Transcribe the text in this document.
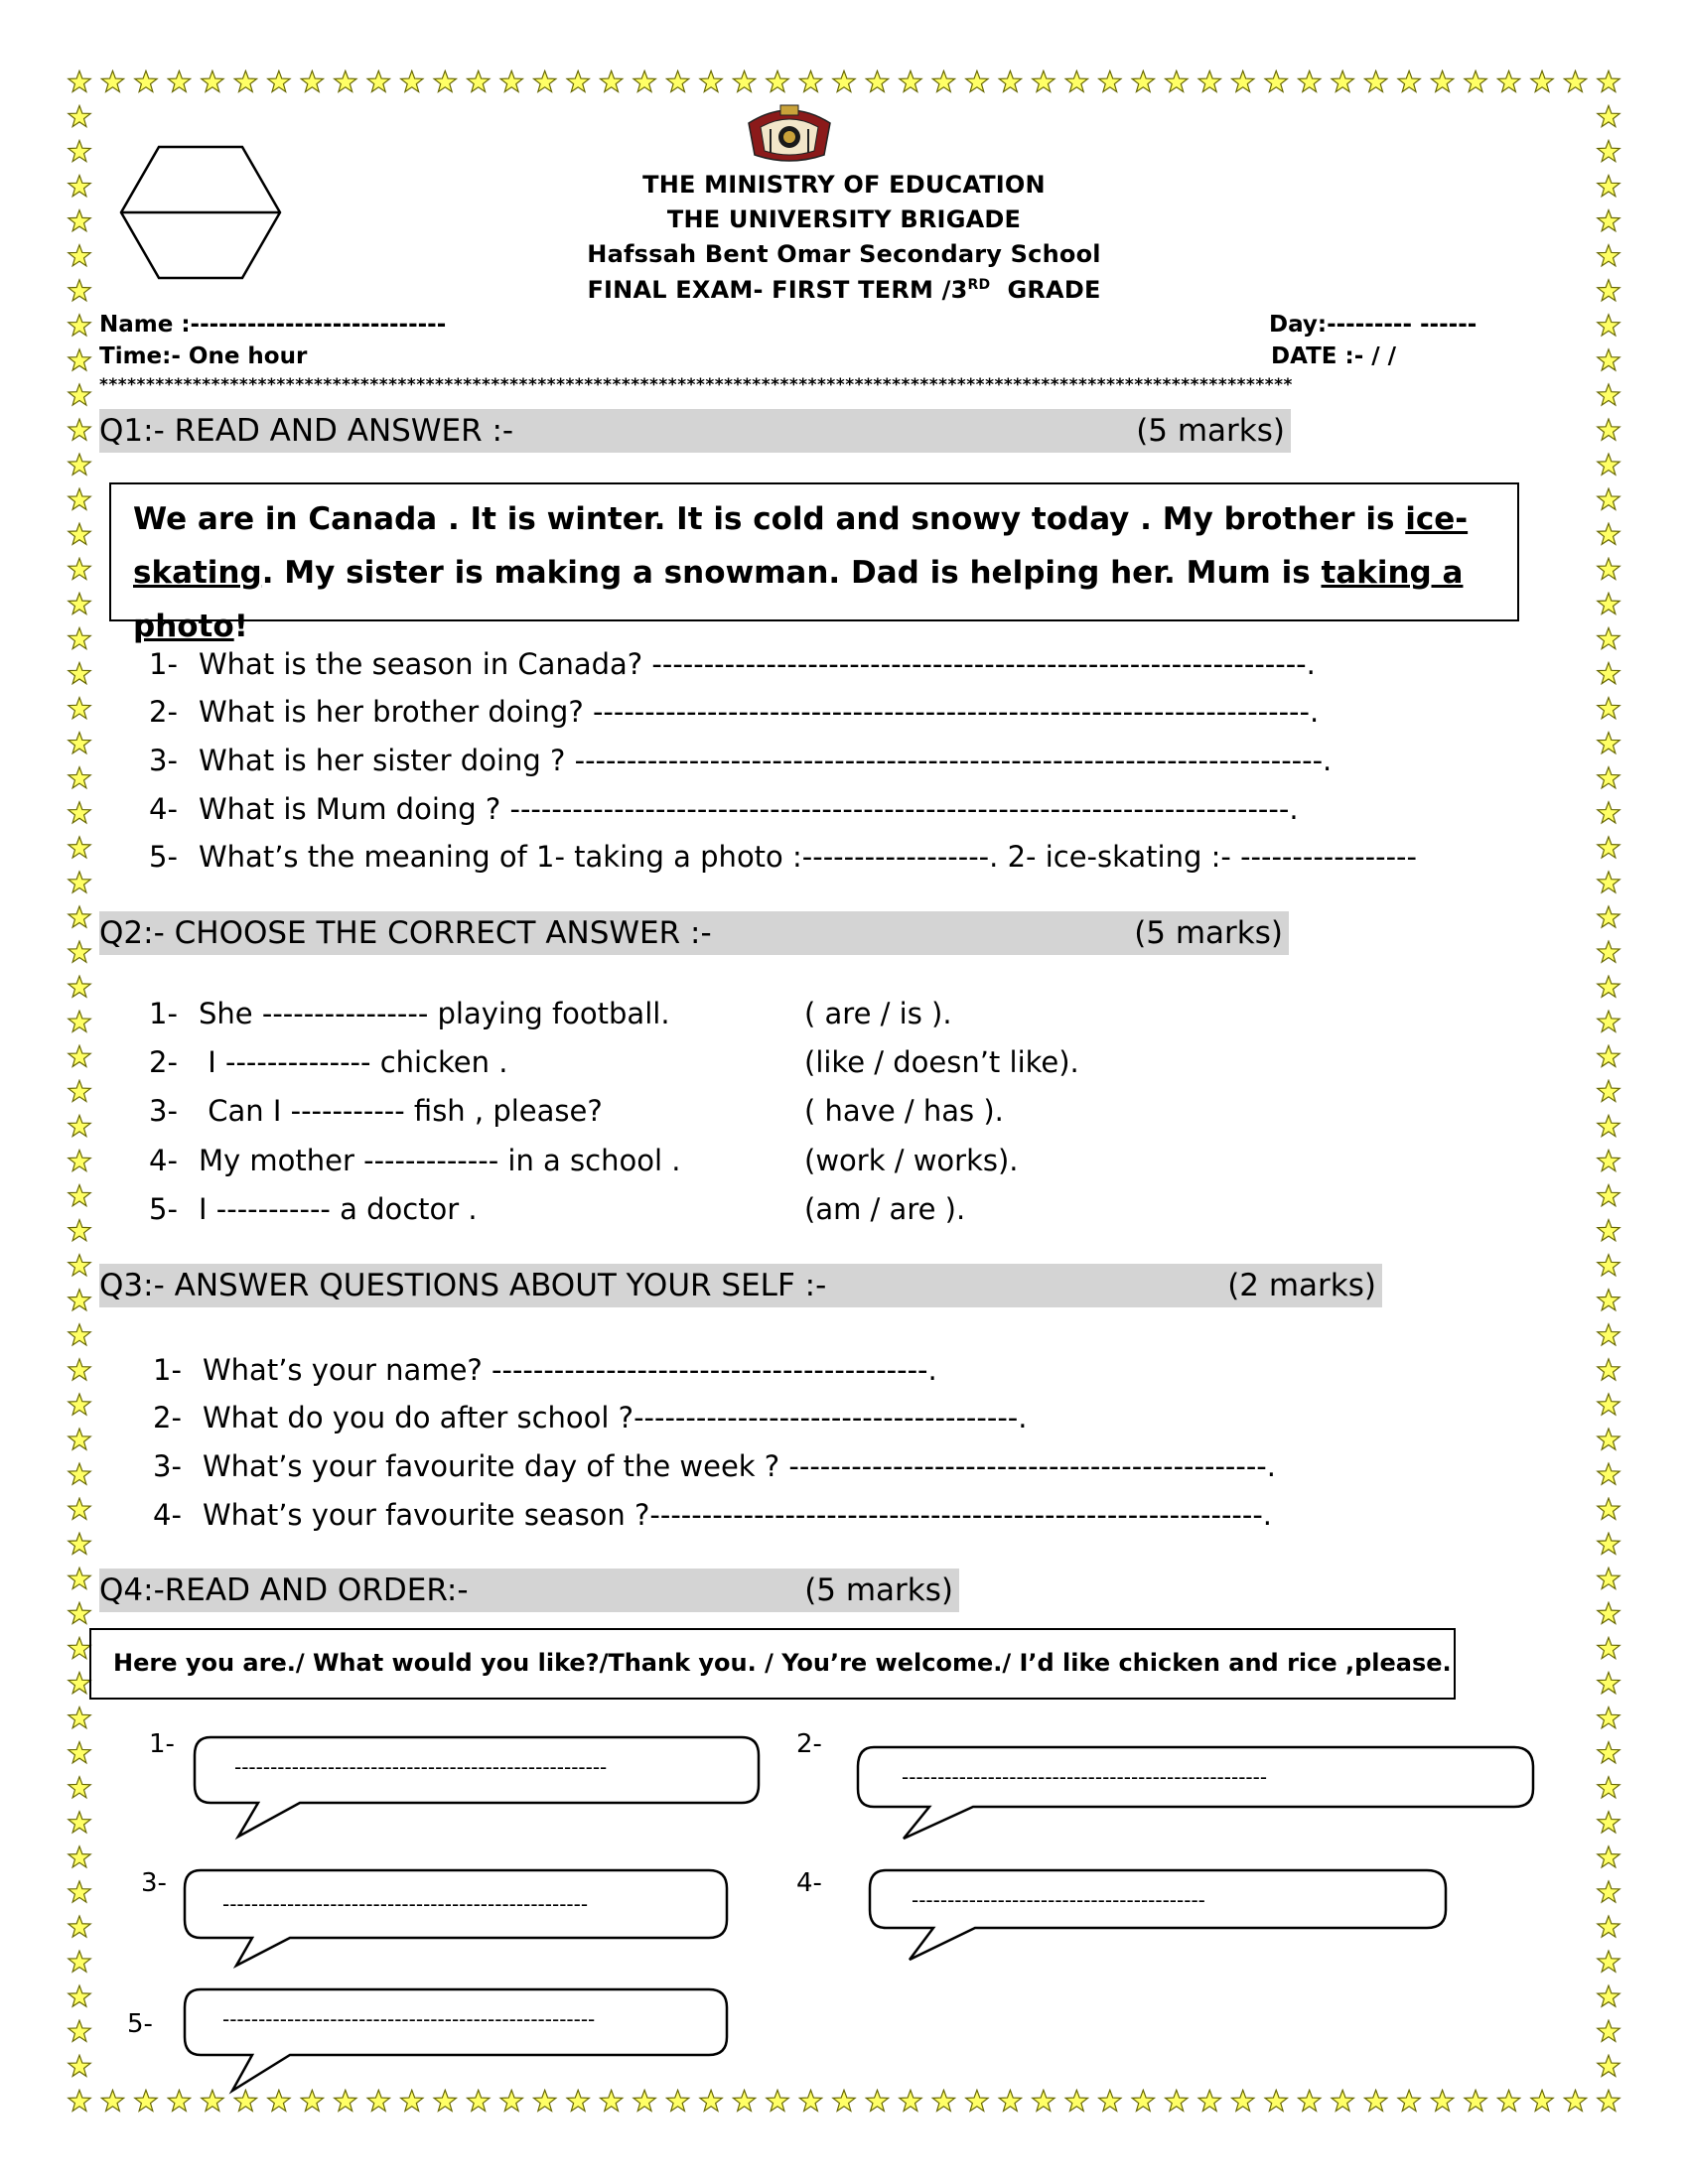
THE MINISTRY OF EDUCATION
THE UNIVERSITY BRIGADE
Hafssah Bent Omar Secondary School
FINAL EXAM- FIRST TERM /3RD GRADE
Name :---------------------------	Day:--------- ------
Time:- One hour	DATE :- / /
********************************************************************************************************************************
Q1:- READ AND ANSWER :-	(5 marks)
We are in Canada . It is winter. It is cold and snowy today . My brother is ice-
skating. My sister is making a snowman. Dad is helping her. Mum is taking a photo!
1- What is the season in Canada? ---------------------------------------------------------------.
2- What is her brother doing? ---------------------------------------------------------------------.
3- What is her sister doing ? ------------------------------------------------------------------------.
4- What is Mum doing ? ---------------------------------------------------------------------------.
5- What’s the meaning of 1- taking a photo :------------------. 2- ice-skating :- -----------------
Q2:- CHOOSE THE CORRECT ANSWER :-	(5 marks)
1- She ---------------- playing football.	( are / is ).
2- I -------------- chicken .	(like / doesn’t like).
3- Can I ----------- fish , please?	( have / has ).
4- My mother ------------- in a school .	(work / works).
5- I ----------- a doctor .	(am / are ).
Q3:- ANSWER QUESTIONS ABOUT YOUR SELF :-	(2 marks)
1- What’s your name? ------------------------------------------.
2- What do you do after school ?-------------------------------------.
3- What’s your favourite day of the week ? ----------------------------------------------.
4- What’s your favourite season ?-----------------------------------------------------------.
Q4:-READ AND ORDER:-	(5 marks)
Here you are./ What would you like?/Thank you. / You’re welcome./ I’d like chicken and rice ,please.
1-
----------------------------------------------------
2-
---------------------------------------------------
3-
---------------------------------------------------
4-
-----------------------------------------
5-	----------------------------------------------------
